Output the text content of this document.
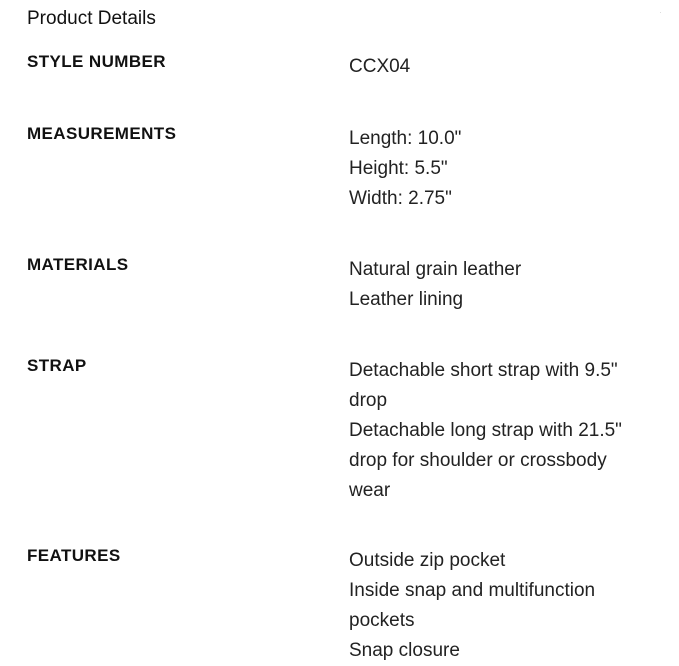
Product Details	·
STYLE NUMBER	CCX04
MEASUREMENTS	Length: 10.0"
Height: 5.5"
Width: 2.75"
MATERIALS	Natural grain leather
Leather lining
STRAP	Detachable short strap with 9.5"
drop
Detachable long strap with 21.5"
drop for shoulder or crossbody
wear
FEATURES	Outside zip pocket
Inside snap and multifunction
pockets
Snap closure
